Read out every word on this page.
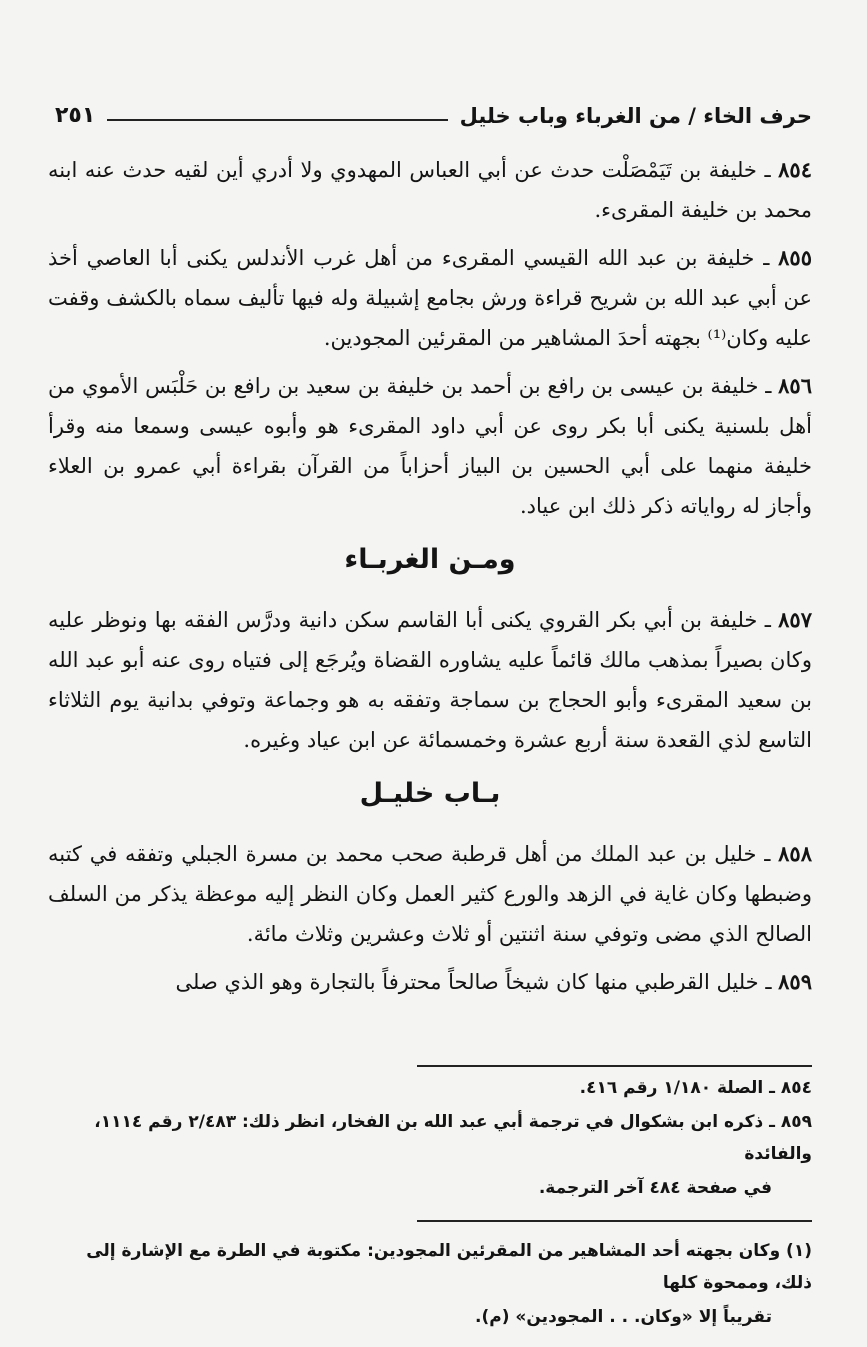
حرف الخاء / من الغرباء وباب خليل
٢٥١

٨٥٤ ـ خليفة بن تَيَمْصَلْت حدث عن أبي العباس المهدوي ولا أدري أين لقيه حدث عنه ابنه محمد بن خليفة المقرىء.

٨٥٥ ـ خليفة بن عبد الله القيسي المقرىء من أهل غرب الأندلس يكنى أبا العاصي أخذ عن أبي عبد الله بن شريح قراءة ورش بجامع إشبيلة وله فيها تأليف سماه بالكشف وقفت عليه وكان⁽¹⁾ بجهته أحدَ المشاهير من المقرئين المجودين.

٨٥٦ ـ خليفة بن عيسى بن رافع بن أحمد بن خليفة بن سعيد بن رافع بن حَلْبَس الأموي من أهل بلسنية يكنى أبا بكر روى عن أبي داود المقرىء هو وأبوه عيسى وسمعا منه وقرأ خليفة منهما على أبي الحسين بن البياز أحزاباً من القرآن بقراءة أبي عمرو بن العلاء وأجاز له رواياته ذكر ذلك ابن عياد.

ومـن الغربـاء

٨٥٧ ـ خليفة بن أبي بكر القروي يكنى أبا القاسم سكن دانية ودرَّس الفقه بها ونوظر عليه وكان بصيراً بمذهب مالك قائماً عليه يشاوره القضاة ويُرجَع إلى فتياه روى عنه أبو عبد الله بن سعيد المقرىء وأبو الحجاج بن سماجة وتفقه به هو وجماعة وتوفي بدانية يوم الثلاثاء التاسع لذي القعدة سنة أربع عشرة وخمسمائة عن ابن عياد وغيره.

بـاب خليـل

٨٥٨ ـ خليل بن عبد الملك من أهل قرطبة صحب محمد بن مسرة الجبلي وتفقه في كتبه وضبطها وكان غاية في الزهد والورع كثير العمل وكان النظر إليه موعظة يذكر من السلف الصالح الذي مضى وتوفي سنة اثنتين أو ثلاث وعشرين وثلاث مائة.

٨٥٩ ـ خليل القرطبي منها كان شيخاً صالحاً محترفاً بالتجارة وهو الذي صلى

٨٥٤ ـ الصلة ١/١٨٠ رقم ٤١٦.

٨٥٩ ـ ذكره ابن بشكوال في ترجمة أبي عبد الله بن الفخار، انظر ذلك: ٢/٤٨٣ رقم ١١١٤، والفائدة

في صفحة ٤٨٤ آخر الترجمة.

(١) وكان بجهته أحد المشاهير من المقرئين المجودين: مكتوبة في الطرة مع الإشارة إلى ذلك، وممحوة كلها

تقريباً إلا «وكان. . . المجودين» (م).
